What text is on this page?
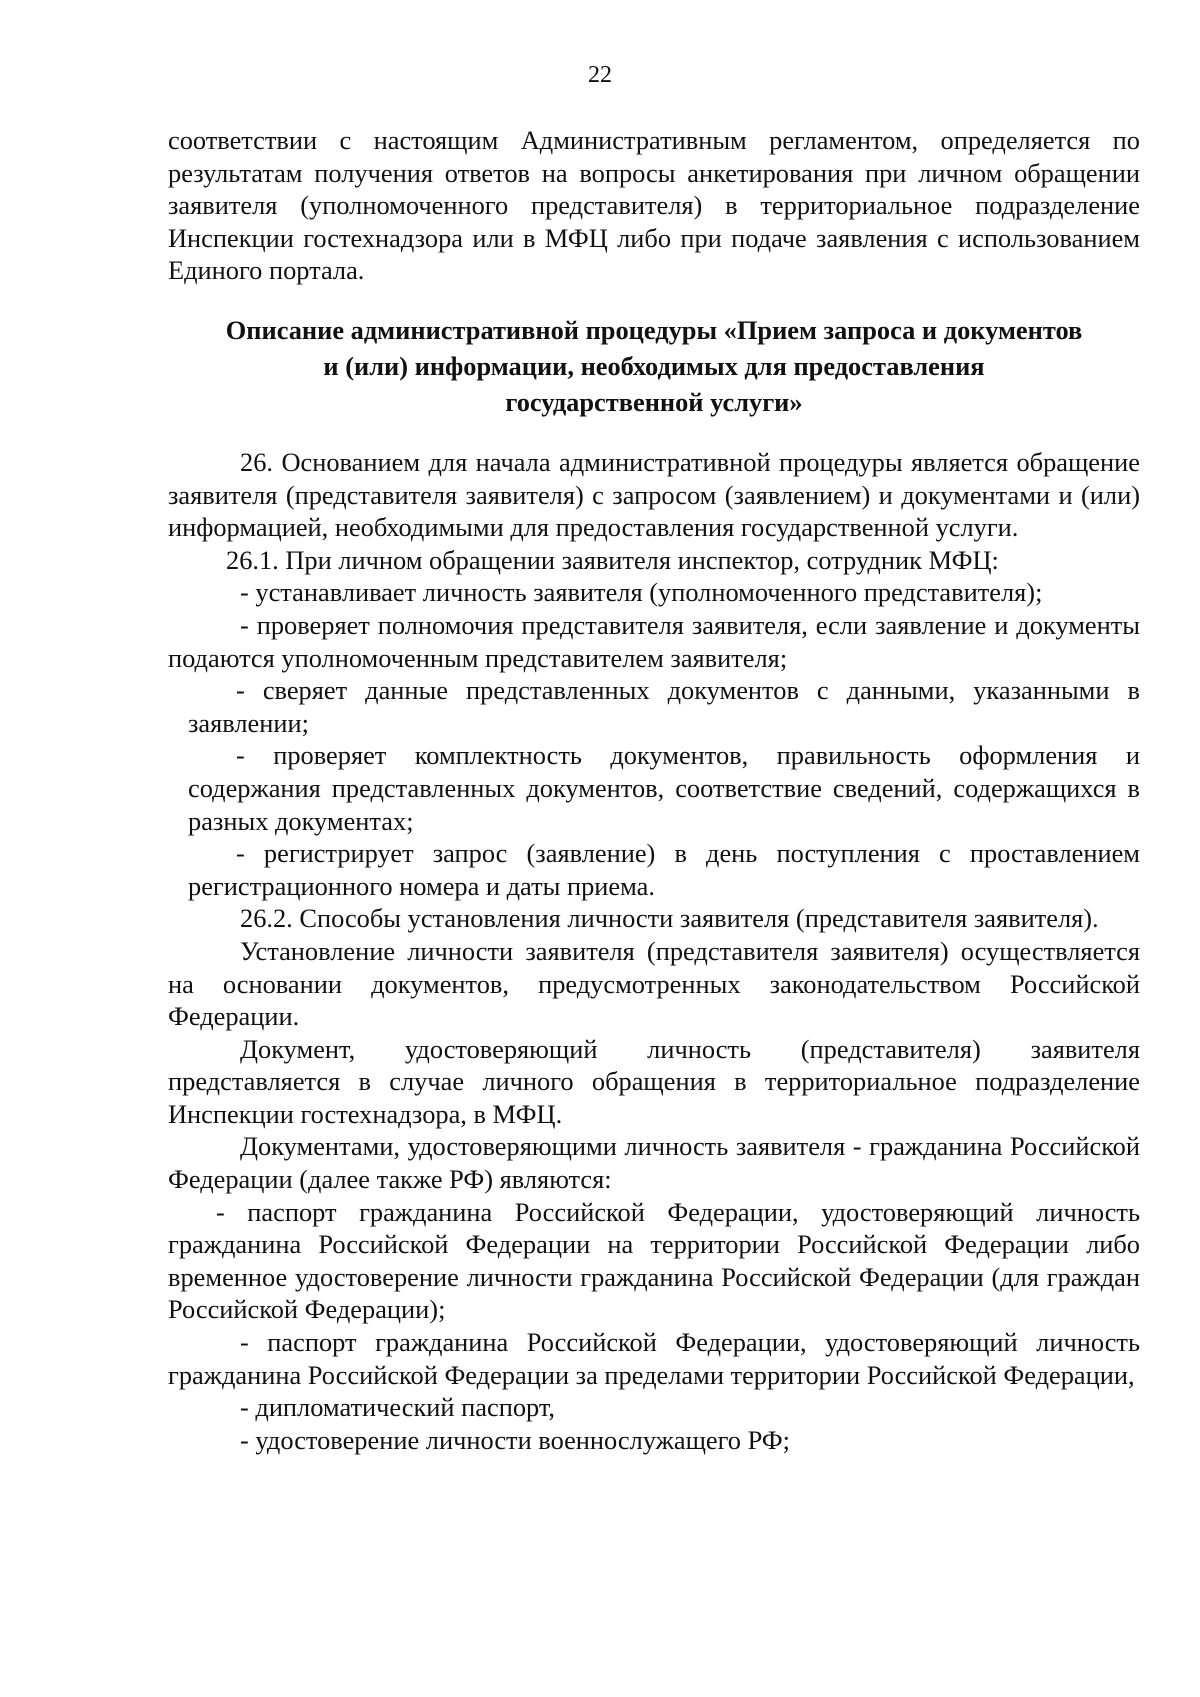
22

соответствии с настоящим Административным регламентом, определяется по результатам получения ответов на вопросы анкетирования при личном обращении заявителя (уполномоченного представителя) в территориальное подразделение Инспекции гостехнадзора или в МФЦ либо при подаче заявления с использованием Единого портала.

Описание административной процедуры «Прием запроса и документов
и (или) информации, необходимых для предоставления
государственной услуги»

26. Основанием для начала административной процедуры является обращение заявителя (представителя заявителя) с запросом (заявлением) и документами и (или) информацией, необходимыми для предоставления государственной услуги.

26.1. При личном обращении заявителя инспектор, сотрудник МФЦ:

- устанавливает личность заявителя (уполномоченного представителя);

- проверяет полномочия представителя заявителя, если заявление и документы подаются уполномоченным представителем заявителя;

- сверяет данные представленных документов с данными, указанными в заявлении;

- проверяет комплектность документов, правильность оформления и содержания представленных документов, соответствие сведений, содержащихся в разных документах;

- регистрирует запрос (заявление) в день поступления с проставлением регистрационного номера и даты приема.

26.2. Способы установления личности заявителя (представителя заявителя).

Установление личности заявителя (представителя заявителя) осуществляется на основании документов, предусмотренных законодательством Российской Федерации.

Документ, удостоверяющий личность (представителя) заявителя представляется в случае личного обращения в территориальное подразделение Инспекции гостехнадзора, в МФЦ.

Документами, удостоверяющими личность заявителя - гражданина Российской Федерации (далее также РФ) являются:

- паспорт гражданина Российской Федерации, удостоверяющий личность гражданина Российской Федерации на территории Российской Федерации либо временное удостоверение личности гражданина Российской Федерации (для граждан Российской Федерации);

- паспорт гражданина Российской Федерации, удостоверяющий личность гражданина Российской Федерации за пределами территории Российской Федерации,

- дипломатический паспорт,

- удостоверение личности военнослужащего РФ;
